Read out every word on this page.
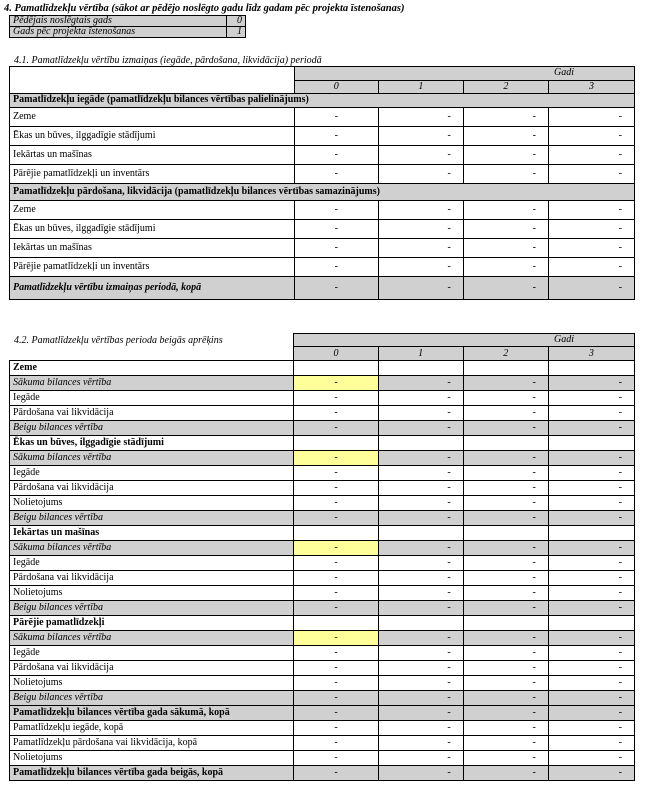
4. Pamatlīdzekļu vērtība (sākot ar pēdējo noslēgto gadu līdz gadam pēc projekta īstenošanas)
Pēdējais noslēgtais gads	0
Gads pēc projekta īstenošanas	1
4.1. Pamatlīdzekļu vērtību izmaiņas (iegāde, pārdošana, likvidācija) periodā
	Gadi			
	0	1	2	3
Pamatlīdzekļu iegāde (pamatlīdzekļu bilances vērtības palielinājums)				
Zeme	-	-	-	-
Ēkas un būves, ilggadīgie stādījumi	-	-	-	-
Iekārtas un mašīnas	-	-	-	-
Pārējie pamatlīdzekļi un inventārs	-	-	-	-
Pamatlīdzekļu pārdošana, likvidācija (pamatlīdzekļu bilances vērtības samazinājums)				
Zeme	-	-	-	-
Ēkas un būves, ilggadīgie stādījumi	-	-	-	-
Iekārtas un mašīnas	-	-	-	-
Pārējie pamatlīdzekļi un inventārs	-	-	-	-
Pamatlīdzekļu vērtību izmaiņas periodā, kopā	-	-	-	-
4.2. Pamatlīdzekļu vērtības perioda beigās aprēķins
		Gadi			
	0	1	2	3
Zeme				
Sākuma bilances vērtība	-	-	-	-
Iegāde	-	-	-	-
Pārdošana vai likvidācija	-	-	-	-
Beigu bilances vērtība	-	-	-	-
Ēkas un būves, ilggadīgie stādījumi				
Sākuma bilances vērtība	-	-	-	-
Iegāde	-	-	-	-
Pārdošana vai likvidācija	-	-	-	-
Nolietojums	-	-	-	-
Beigu bilances vērtība	-	-	-	-
Iekārtas un mašīnas				
Sākuma bilances vērtība	-	-	-	-
Iegāde	-	-	-	-
Pārdošana vai likvidācija	-	-	-	-
Nolietojums	-	-	-	-
Beigu bilances vērtība	-	-	-	-
Pārējie pamatlīdzekļi				
Sākuma bilances vērtība	-	-	-	-
Iegāde	-	-	-	-
Pārdošana vai likvidācija	-	-	-	-
Nolietojums	-	-	-	-
Beigu bilances vērtība	-	-	-	-
Pamatlīdzekļu bilances vērtība gada sākumā, kopā	-	-	-	-
Pamatlīdzekļu iegāde, kopā	-	-	-	-
Pamatlīdzekļu pārdošana vai likvidācija, kopā	-	-	-	-
Nolietojums	-	-	-	-
Pamatlīdzekļu bilances vērtība gada beigās, kopā	-	-	-	-
